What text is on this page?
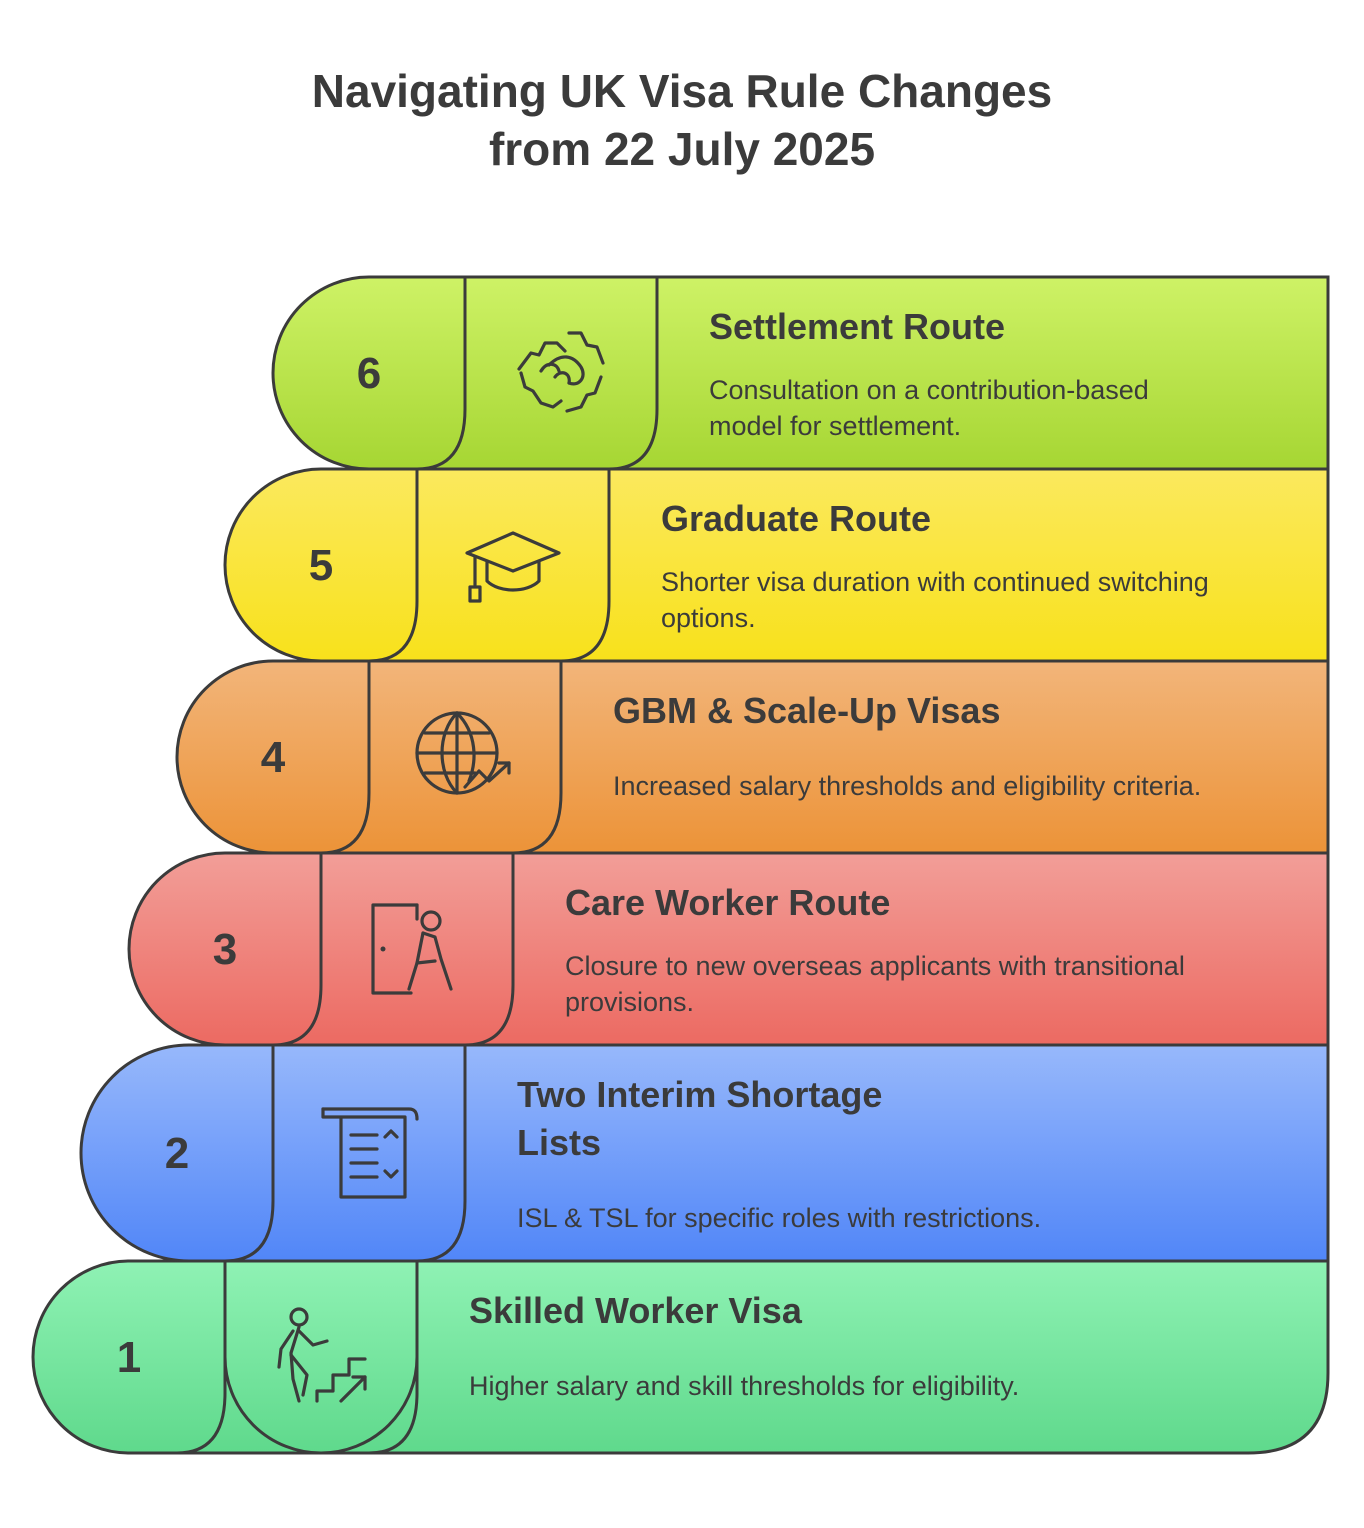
Navigating UK Visa Rule Changes
from 22 July 2025
1
Skilled Worker Visa
Higher salary and skill thresholds for eligibility.
2
Two Interim Shortage
Lists
ISL & TSL for specific roles with restrictions.
3
Care Worker Route
Closure to new overseas applicants with transitional
provisions.
4
GBM & Scale-Up Visas
Increased salary thresholds and eligibility criteria.
5
Graduate Route
Shorter visa duration with continued switching
options.
6
Settlement Route
Consultation on a contribution-based
model for settlement.
